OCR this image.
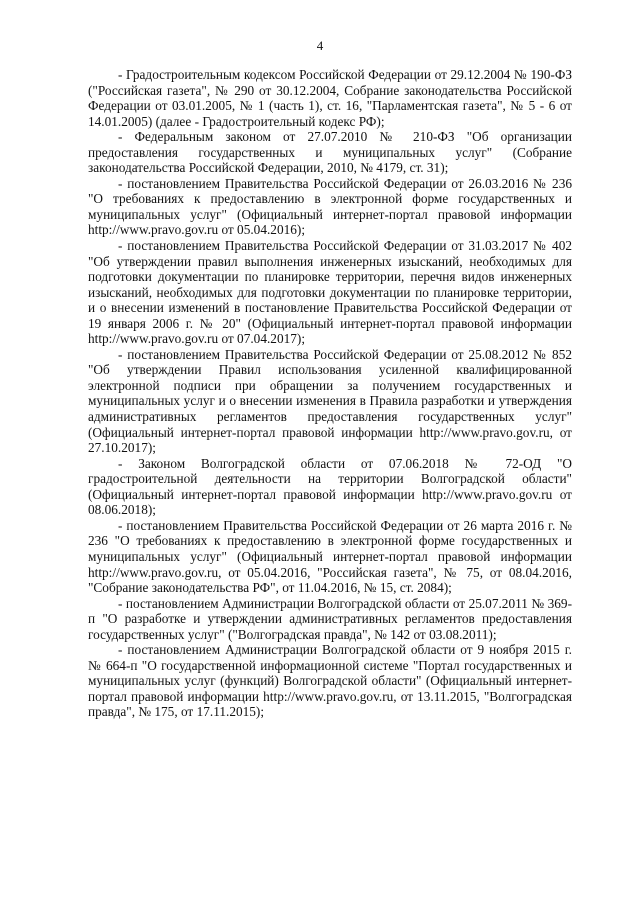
4

- Градостроительным кодексом Российской Федерации от 29.12.2004 № 190-ФЗ ("Российская газета", № 290 от 30.12.2004, Собрание законодательства Российской Федерации от 03.01.2005, № 1 (часть 1), ст. 16, "Парламентская газета", № 5 - 6 от 14.01.2005) (далее - Градостроительный кодекс РФ);

- Федеральным законом от 27.07.2010 № 210-ФЗ "Об организации предоставления государственных и муниципальных услуг" (Собрание законодательства Российской Федерации, 2010, № 4179, ст. 31);

- постановлением Правительства Российской Федерации от 26.03.2016 № 236 "О требованиях к предоставлению в электронной форме государственных и муниципальных услуг" (Официальный интернет-портал правовой информации http://www.pravo.gov.ru от 05.04.2016);

- постановлением Правительства Российской Федерации от 31.03.2017 № 402 "Об утверждении правил выполнения инженерных изысканий, необходимых для подготовки документации по планировке территории, перечня видов инженерных изысканий, необходимых для подготовки документации по планировке территории, и о внесении изменений в постановление Правительства Российской Федерации от 19 января 2006 г. № 20" (Официальный интернет-портал правовой информации http://www.pravo.gov.ru от 07.04.2017);

- постановлением Правительства Российской Федерации от 25.08.2012 № 852 "Об утверждении Правил использования усиленной квалифицированной электронной подписи при обращении за получением государственных и муниципальных услуг и о внесении изменения в Правила разработки и утверждения административных регламентов предоставления государственных услуг" (Официальный интернет-портал правовой информации http://www.pravo.gov.ru, от 27.10.2017);

- Законом Волгоградской области от 07.06.2018 № 72-ОД "О градостроительной деятельности на территории Волгоградской области" (Официальный интернет-портал правовой информации http://www.pravo.gov.ru от 08.06.2018);

- постановлением Правительства Российской Федерации от 26 марта 2016 г. № 236 "О требованиях к предоставлению в электронной форме государственных и муниципальных услуг" (Официальный интернет-портал правовой информации http://www.pravo.gov.ru, от 05.04.2016, "Российская газета", № 75, от 08.04.2016, "Собрание законодательства РФ", от 11.04.2016, № 15, ст. 2084);

- постановлением Администрации Волгоградской области от 25.07.2011 № 369-п "О разработке и утверждении административных регламентов предоставления государственных услуг" ("Волгоградская правда", № 142 от 03.08.2011);

- постановлением Администрации Волгоградской области от 9 ноября 2015 г. № 664-п "О государственной информационной системе "Портал государственных и муниципальных услуг (функций) Волгоградской области" (Официальный интернет-портал правовой информации http://www.pravo.gov.ru, от 13.11.2015, "Волгоградская правда", № 175, от 17.11.2015);
